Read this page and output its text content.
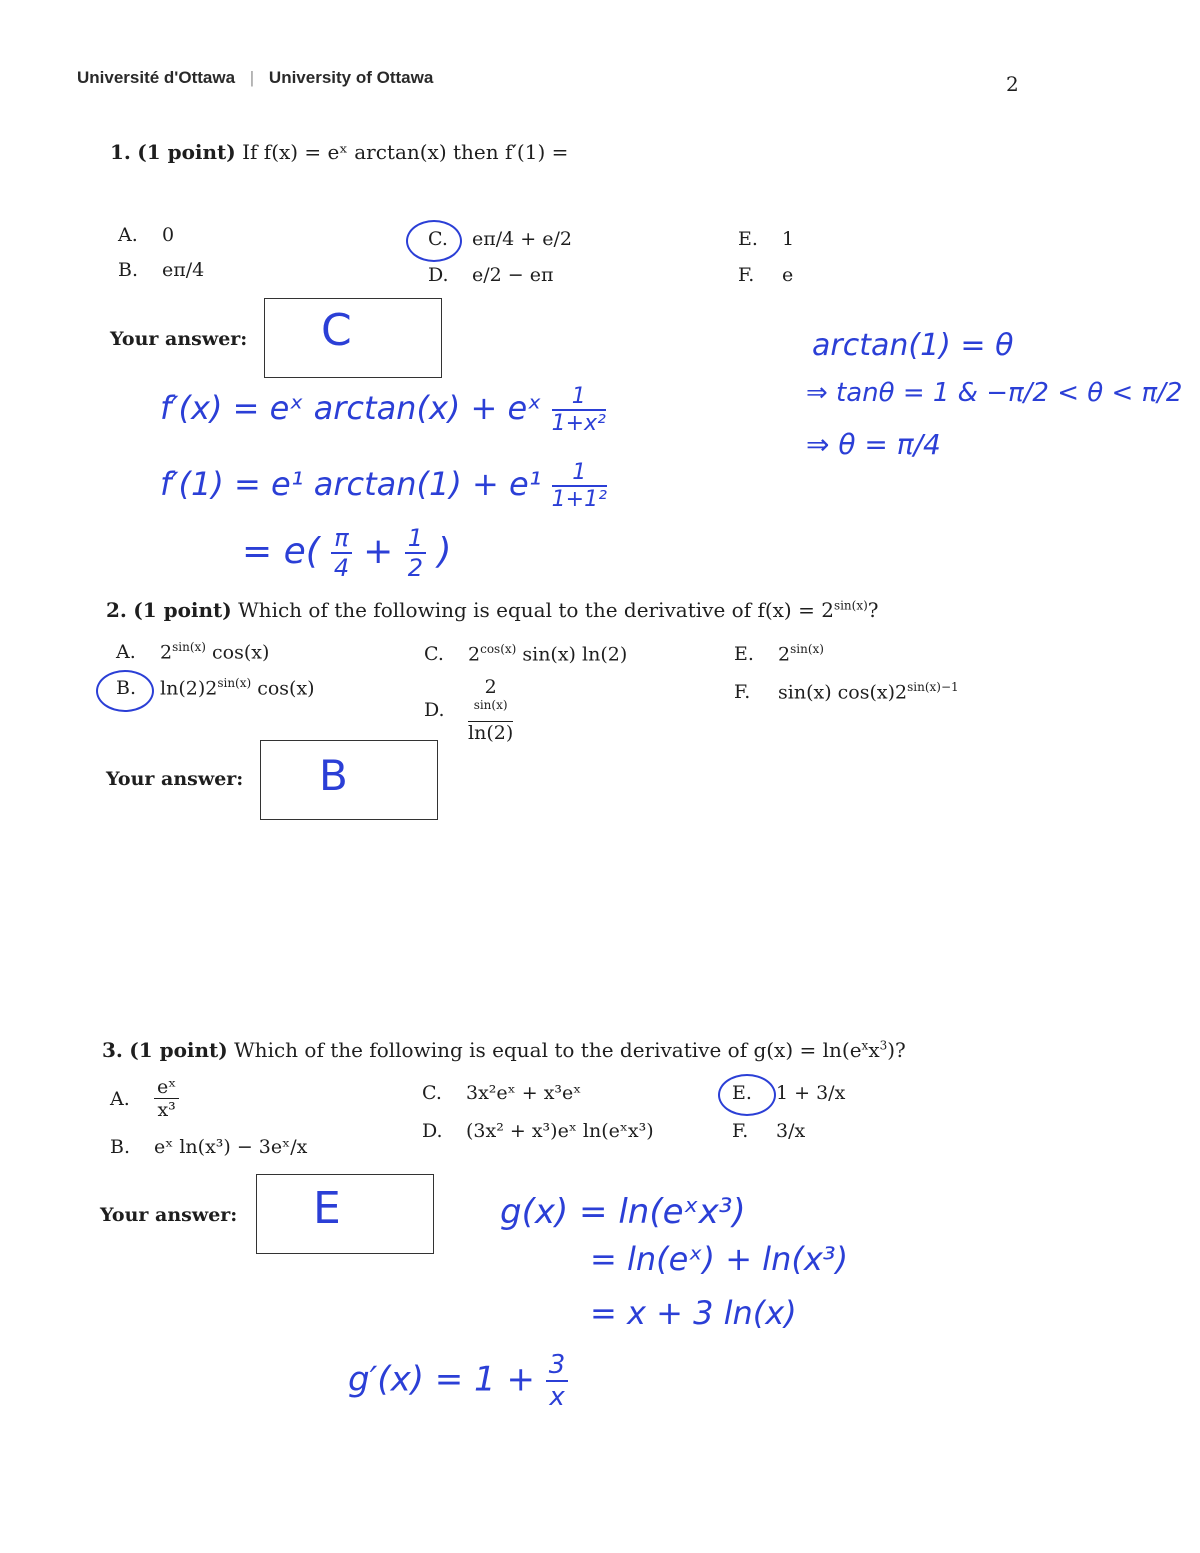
Université d'Ottawa | University of Ottawa	2
1. (1 point) If f(x) = eˣ arctan(x) then f′(1) =
A. 0
B. eπ/4
C. eπ/4 + e/2
D. e/2 − eπ
E. 1
F. e
Your answer: C
f′(x) = eˣ arctan(x) + eˣ $\frac{1}{\text{1+x²}}$
f′(1) = e¹ $\arctan(1) + e^1 \frac{1}{\text{1+1²}}$
= $e( \frac{\pi}{4} + \frac{1}{2}$ )
arctan(1) = θ
⇒ tanθ = 1 & −π/2 < θ < π/2
⇒ θ = π/4
2. (1 point) Which of the following is equal to the derivative of $f(x) = 2^{sin(x)}$?
A. $2^{sin(x)}$ cos(x)
B. $\ln(2)2^{sin(x)}$ cos(x)
C. $2^{cos(x)}$ sin(x) ln(2)
D. 2
$^{sin(x)}$
ln(2)
E. $2^{sin(x)}$
F. sin(x) $\cos(x)2^{sin(x)-1}$
Your answer: B
3. (1 point) Which of the following is equal to the derivative of $g(x) = \ln(e^xx^3)$?
A. $\frac{\text{eˣ}}{\text{x³}}$
B. eˣ ln(x³) − 3eˣ/x
C. 3x²eˣ + x³eˣ
D. (3x² + x³)eˣ ln(eˣx³)
E. 1 + 3/x
F. 3/x
Your answer: E	g(x) = ln(eˣx³)
= ln(eˣ) + ln(x³)
= x + 3 ln(x)
$g'(x) = 1 + \frac{3}{x}$
